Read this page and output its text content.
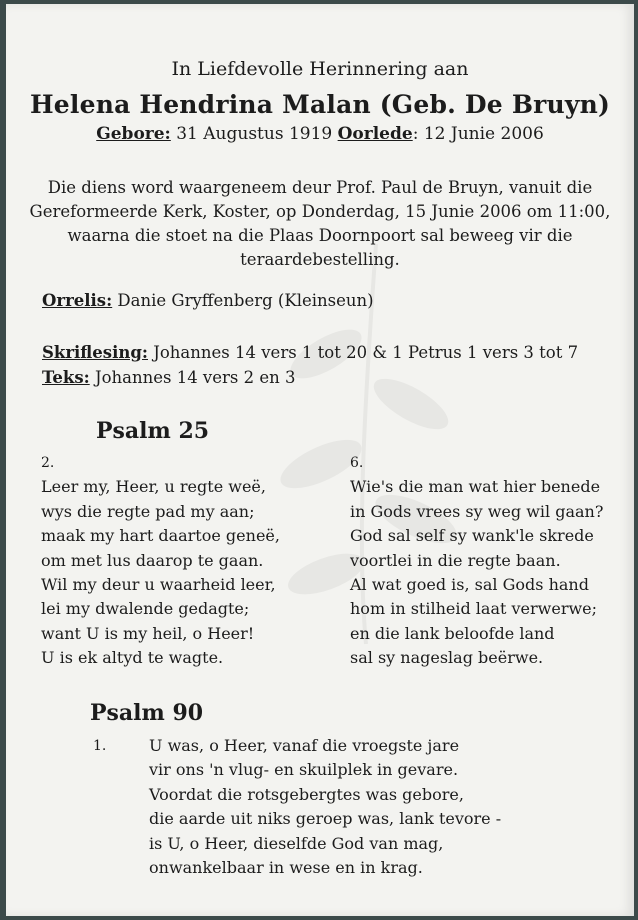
In Liefdevolle Herinnering aan
Helena Hendrina Malan (Geb. De Bruyn)
Gebore: 31 Augustus 1919 Oorlede: 12 Junie 2006
Die diens word waargeneem deur Prof. Paul de Bruyn, vanuit die
Gereformeerde Kerk, Koster, op Donderdag, 15 Junie 2006 om 11:00,
waarna die stoet na die Plaas Doornpoort sal beweeg vir die
teraardebestelling.
Orrelis: Danie Gryffenberg (Kleinseun)
Skriflesing: Johannes 14 vers 1 tot 20 & 1 Petrus 1 vers 3 tot 7
Teks: Johannes 14 vers 2 en 3
Psalm 25
2.
Leer my, Heer, u regte weë,
wys die regte pad my aan;
maak my hart daartoe geneë,
om met lus daarop te gaan.
Wil my deur u waarheid leer,
lei my dwalende gedagte;
want U is my heil, o Heer!
U is ek altyd te wagte.
6.
Wie's die man wat hier benede
in Gods vrees sy weg wil gaan?
God sal self sy wank'le skrede
voortlei in die regte baan.
Al wat goed is, sal Gods hand
hom in stilheid laat verwerwe;
en die lank beloofde land
sal sy nageslag beërwe.
Psalm 90
1.	U was, o Heer, vanaf die vroegste jare
vir ons 'n vlug- en skuilplek in gevare.
Voordat die rotsgebergtes was gebore,
die aarde uit niks geroep was, lank tevore -
is U, o Heer, dieselfde God van mag,
onwankelbaar in wese en in krag.
